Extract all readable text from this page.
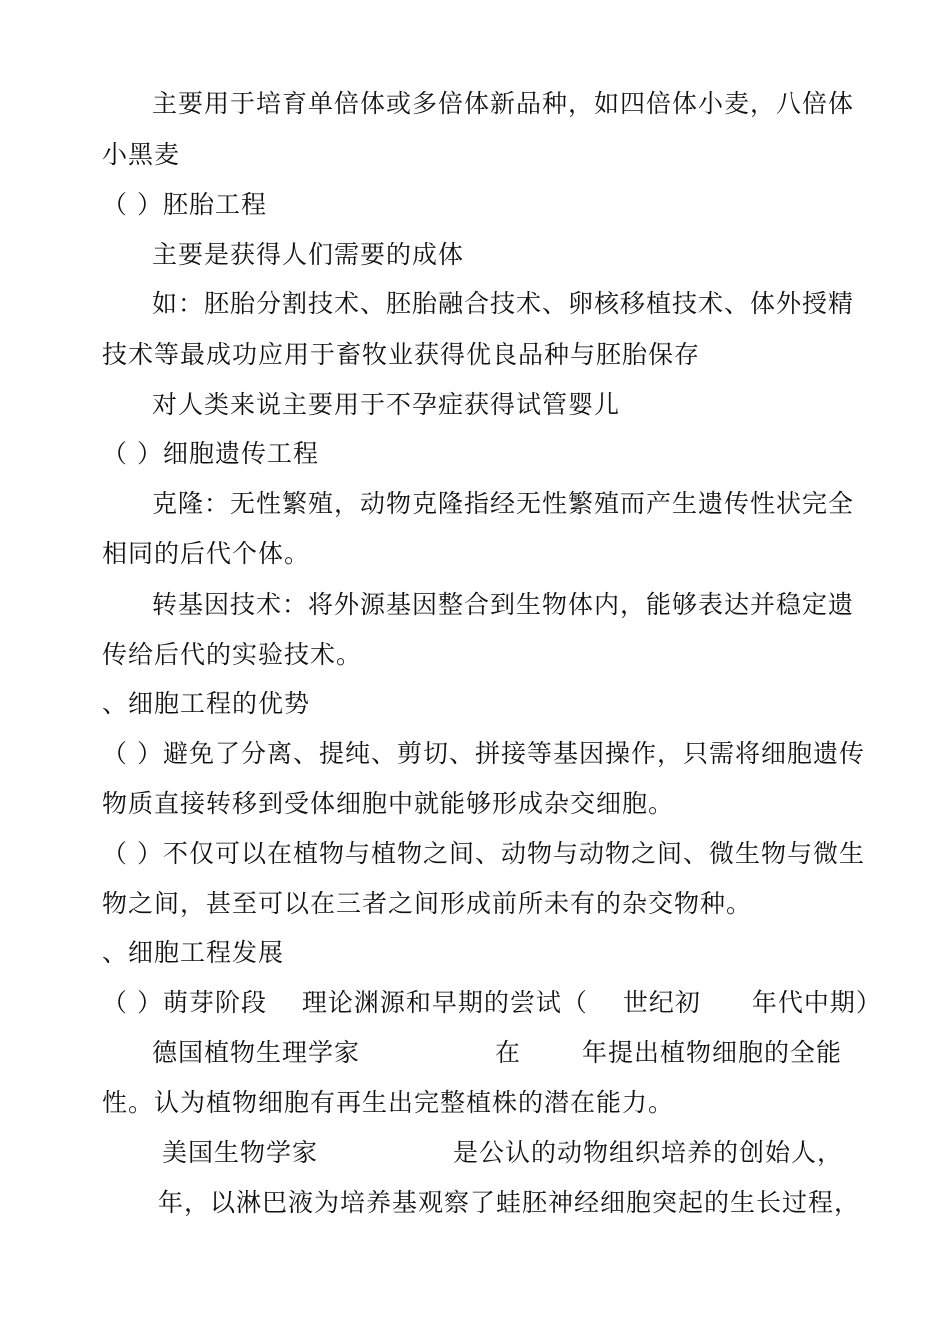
主要用于培育单倍体或多倍体新品种，如四倍体小麦，八倍体
小黑麦
（ ）胚胎工程
主要是获得人们需要的成体
如：胚胎分割技术、胚胎融合技术、卵核移植技术、体外授精
技术等最成功应用于畜牧业获得优良品种与胚胎保存
对人类来说主要用于不孕症获得试管婴儿
（ ）细胞遗传工程
克隆：无性繁殖，动物克隆指经无性繁殖而产生遗传性状完全
相同的后代个体。
转基因技术：将外源基因整合到生物体内，能够表达并稳定遗
传给后代的实验技术。
、细胞工程的优势
（ ）避免了分离、提纯、剪切、拼接等基因操作，只需将细胞遗传
物质直接转移到受体细胞中就能够形成杂交细胞。
（ ）不仅可以在植物与植物之间、动物与动物之间、微生物与微生
物之间，甚至可以在三者之间形成前所未有的杂交物种。
、细胞工程发展
（ ）萌芽阶段 理论渊源和早期的尝试（ 世纪初 年代中期）
德国植物生理学家	在 年提出植物细胞的全能
性。认为植物细胞有再生出完整植株的潜在能力。
美国生物学家	是公认的动物组织培养的创始人，
年，以淋巴液为培养基观察了蛙胚神经细胞突起的生长过程，
